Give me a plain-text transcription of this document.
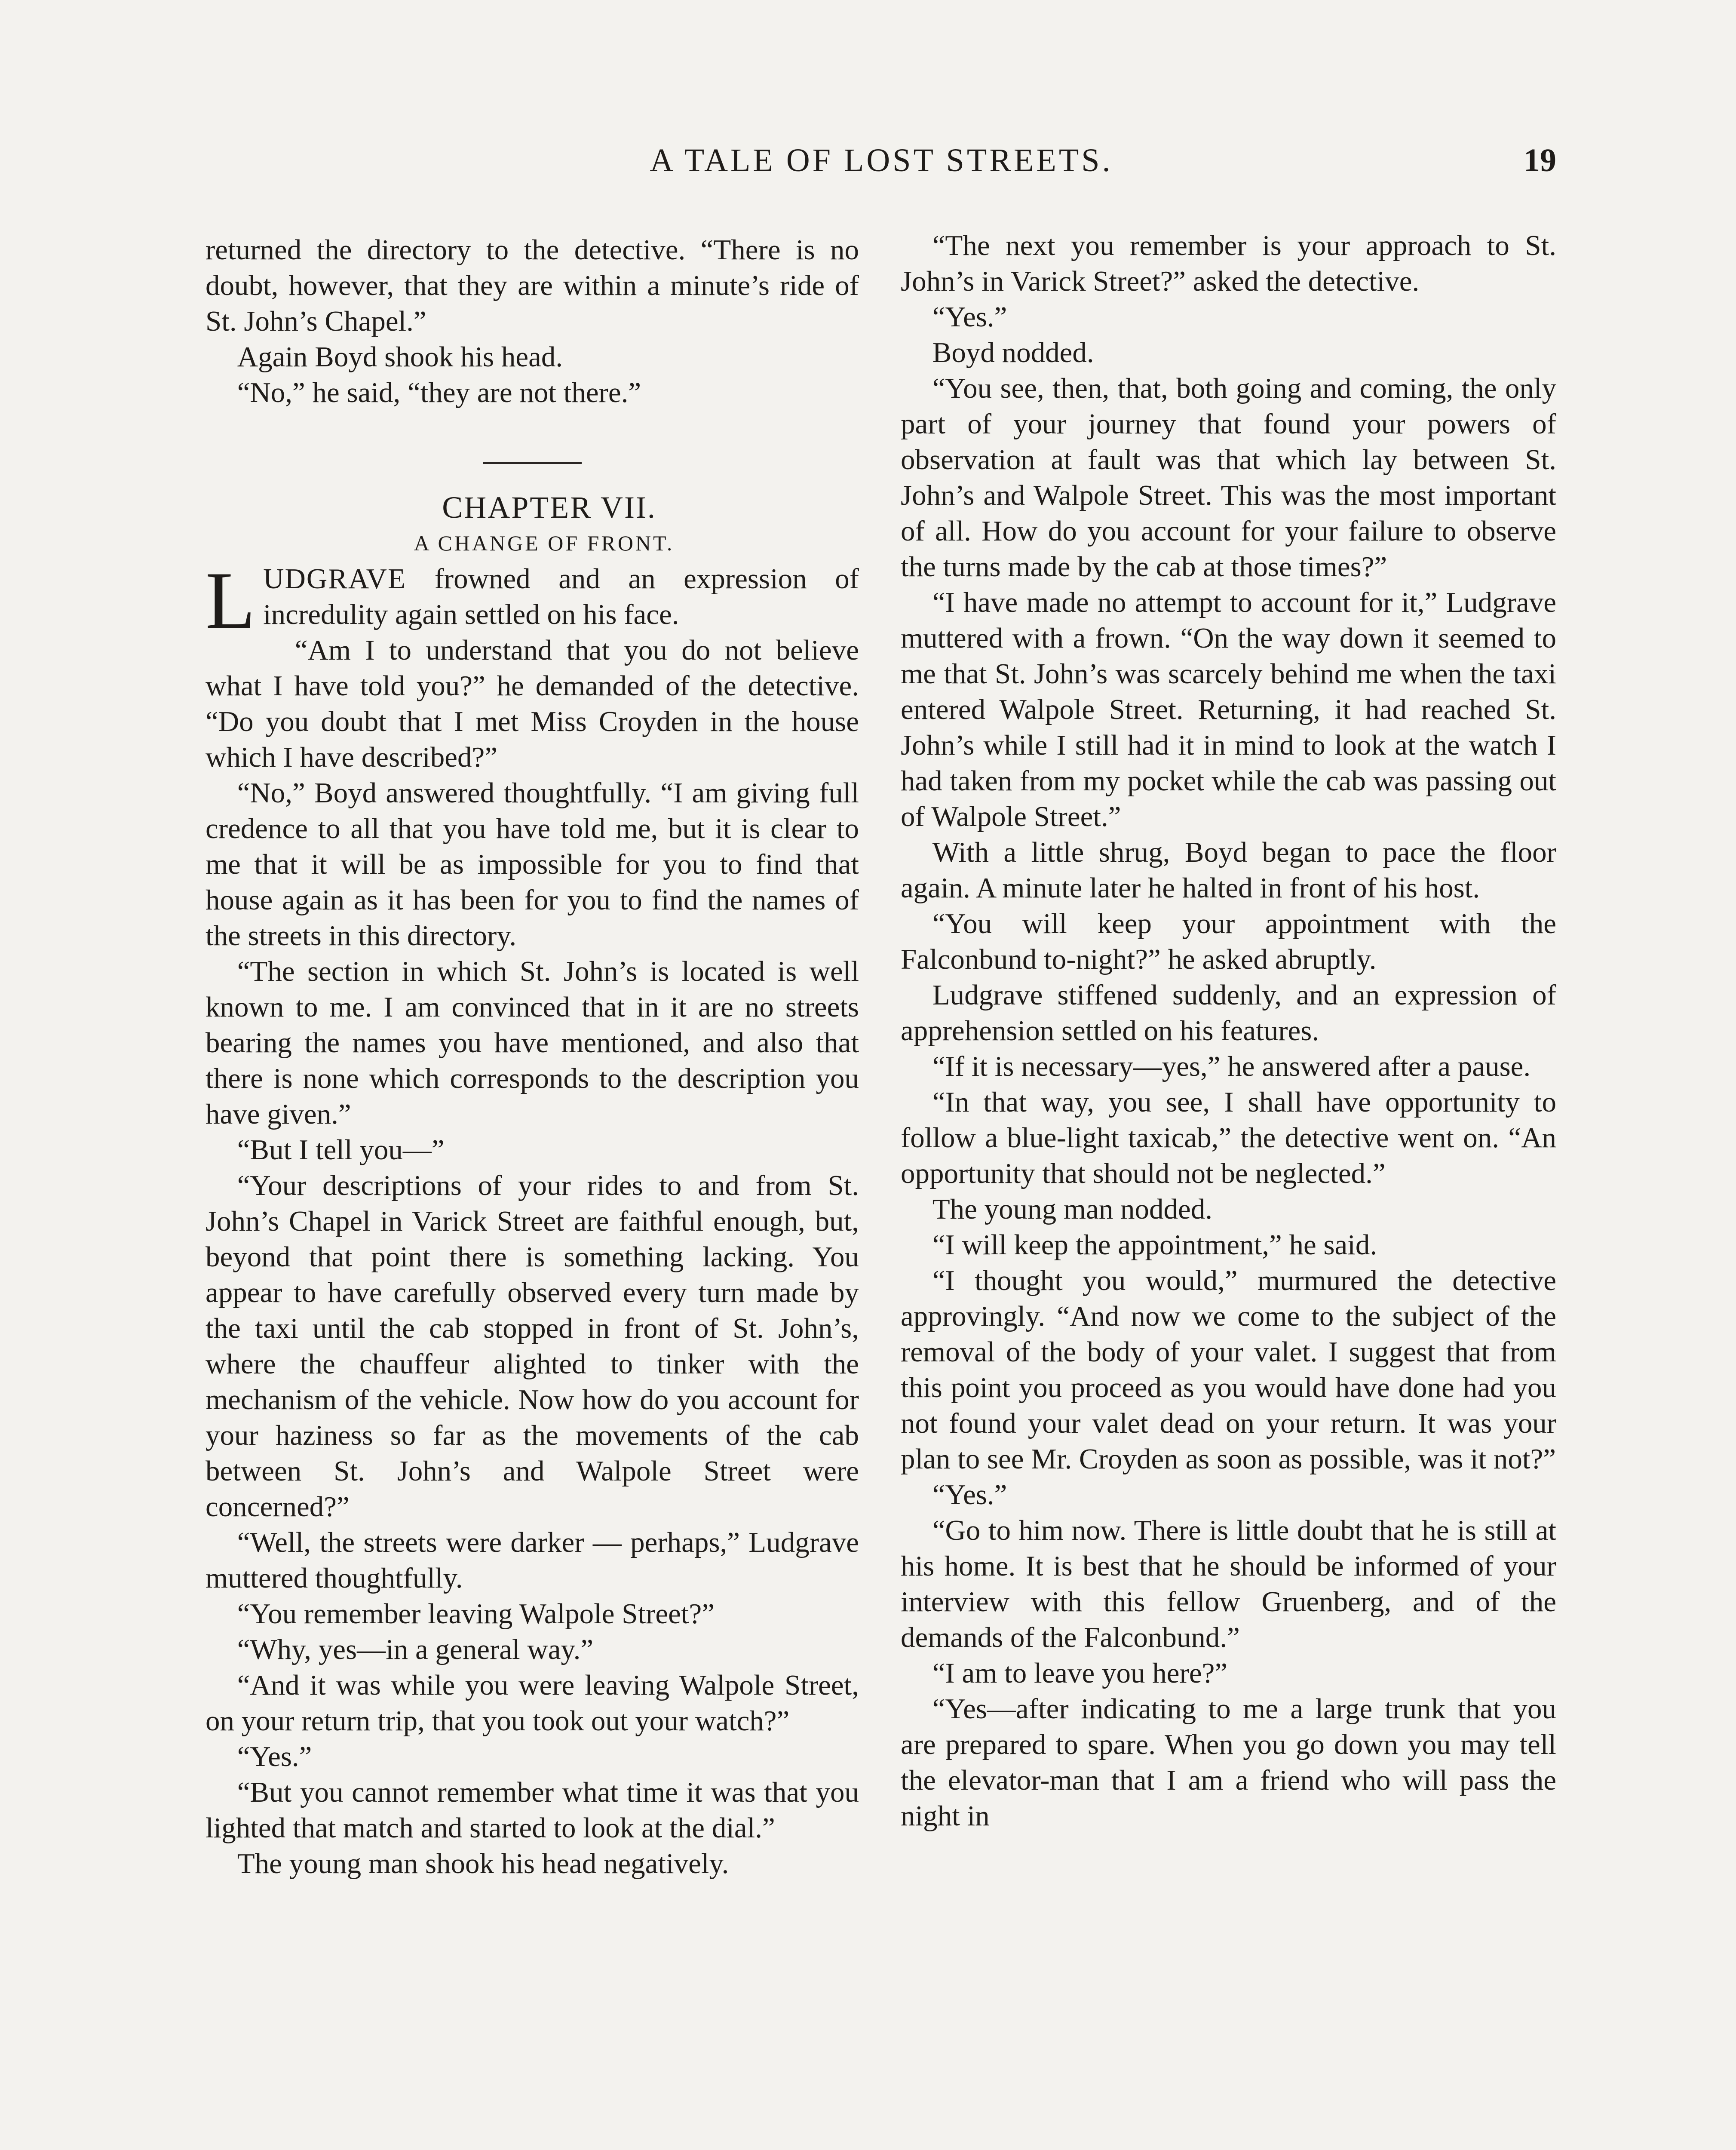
A TALE OF LOST STREETS.	19

returned the directory to the detective. “There is no doubt, however, that they are within a minute’s ride of St. John’s Chapel.”

Again Boyd shook his head.

“No,” he said, “they are not there.”

CHAPTER VII.

A CHANGE OF FRONT.

LUDGRAVE frowned and an expression of incredulity again settled on his face.

“Am I to understand that you do not believe what I have told you?” he demanded of the detective. “Do you doubt that I met Miss Croyden in the house which I have described?”

“No,” Boyd answered thoughtfully. “I am giving full credence to all that you have told me, but it is clear to me that it will be as impossible for you to find that house again as it has been for you to find the names of the streets in this directory.

“The section in which St. John’s is located is well known to me. I am convinced that in it are no streets bearing the names you have mentioned, and also that there is none which corresponds to the description you have given.”

“But I tell you—”

“Your descriptions of your rides to and from St. John’s Chapel in Varick Street are faithful enough, but, beyond that point there is something lacking. You appear to have carefully observed every turn made by the taxi until the cab stopped in front of St. John’s, where the chauffeur alighted to tinker with the mechanism of the vehicle. Now how do you account for your haziness so far as the movements of the cab between St. John’s and Walpole Street were concerned?”

“Well, the streets were darker — perhaps,” Ludgrave muttered thoughtfully.

“You remember leaving Walpole Street?”

“Why, yes—in a general way.”

“And it was while you were leaving Walpole Street, on your return trip, that you took out your watch?”

“Yes.”

“But you cannot remember what time it was that you lighted that match and started to look at the dial.”

The young man shook his head negatively.

“The next you remember is your approach to St. John’s in Varick Street?” asked the detective.

“Yes.”

Boyd nodded.

“You see, then, that, both going and coming, the only part of your journey that found your powers of observation at fault was that which lay between St. John’s and Walpole Street. This was the most important of all. How do you account for your failure to observe the turns made by the cab at those times?”

“I have made no attempt to account for it,” Ludgrave muttered with a frown. “On the way down it seemed to me that St. John’s was scarcely behind me when the taxi entered Walpole Street. Returning, it had reached St. John’s while I still had it in mind to look at the watch I had taken from my pocket while the cab was passing out of Walpole Street.”

With a little shrug, Boyd began to pace the floor again. A minute later he halted in front of his host.

“You will keep your appointment with the Falconbund to-night?” he asked abruptly.

Ludgrave stiffened suddenly, and an expression of apprehension settled on his features.

“If it is necessary—yes,” he answered after a pause.

“In that way, you see, I shall have opportunity to follow a blue-light taxicab,” the detective went on. “An opportunity that should not be neglected.”

The young man nodded.

“I will keep the appointment,” he said.

“I thought you would,” murmured the detective approvingly. “And now we come to the subject of the removal of the body of your valet. I suggest that from this point you proceed as you would have done had you not found your valet dead on your return. It was your plan to see Mr. Croyden as soon as possible, was it not?”

“Yes.”

“Go to him now. There is little doubt that he is still at his home. It is best that he should be informed of your interview with this fellow Gruenberg, and of the demands of the Falconbund.”

“I am to leave you here?”

“Yes—after indicating to me a large trunk that you are prepared to spare. When you go down you may tell the elevator-man that I am a friend who will pass the night in
